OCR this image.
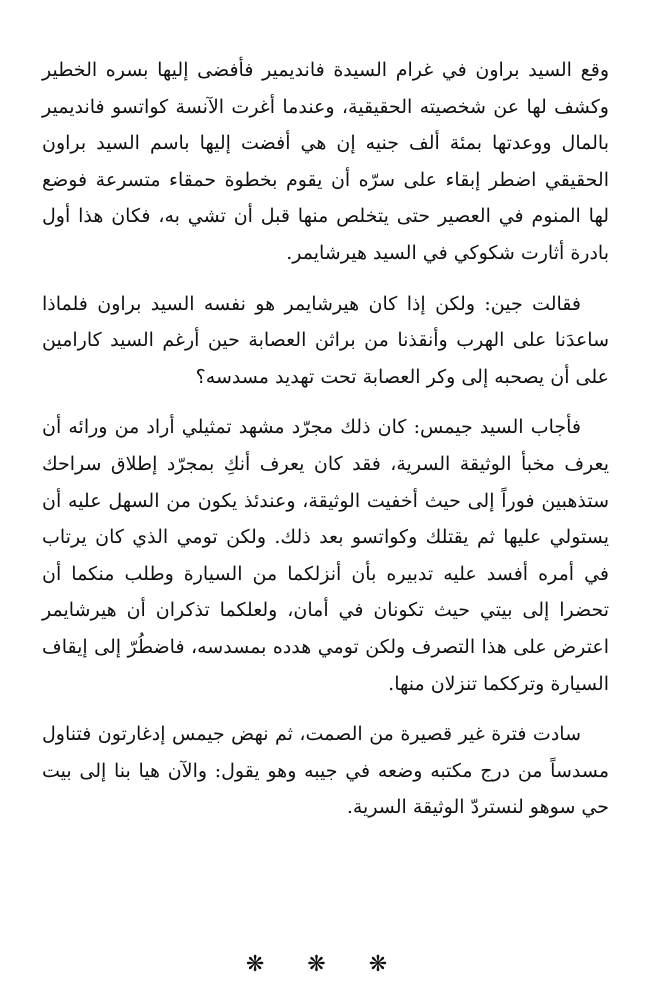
وقع السيد براون في غرام السيدة فانديمير فأفضى إليها بسره الخطير وكشف لها عن شخصيته الحقيقية، وعندما أغرت الآنسة كواتسو فانديمير بالمال ووعدتها بمئة ألف جنيه إن هي أفضت إليها باسم السيد براون الحقيقي اضطر إبقاء على سرّه أن يقوم بخطوة حمقاء متسرعة فوضع لها المنوم في العصير حتى يتخلص منها قبل أن تشي به، فكان هذا أول بادرة أثارت شكوكي في السيد هيرشايمر.

فقالت جين: ولكن إذا كان هيرشايمر هو نفسه السيد براون فلماذا ساعدَنا على الهرب وأنقذنا من براثن العصابة حين أرغم السيد كارامين على أن يصحبه إلى وكر العصابة تحت تهديد مسدسه؟

فأجاب السيد جيمس: كان ذلك مجرّد مشهد تمثيلي أراد من ورائه أن يعرف مخبأ الوثيقة السرية، فقد كان يعرف أنكِ بمجرّد إطلاق سراحك ستذهبين فوراً إلى حيث أخفيت الوثيقة، وعندئذ يكون من السهل عليه أن يستولي عليها ثم يقتلك وكواتسو بعد ذلك. ولكن تومي الذي كان يرتاب في أمره أفسد عليه تدبيره بأن أنزلكما من السيارة وطلب منكما أن تحضرا إلى بيتي حيث تكونان في أمان، ولعلكما تذكران أن هيرشايمر اعترض على هذا التصرف ولكن تومي هدده بمسدسه، فاضطُرّ إلى إيقاف السيارة وترككما تنزلان منها.

سادت فترة غير قصيرة من الصمت، ثم نهض جيمس إدغارتون فتناول مسدساً من درج مكتبه وضعه في جيبه وهو يقول: والآن هيا بنا إلى بيت حي سوهو لنستردّ الوثيقة السرية.

❋ ❋ ❋
